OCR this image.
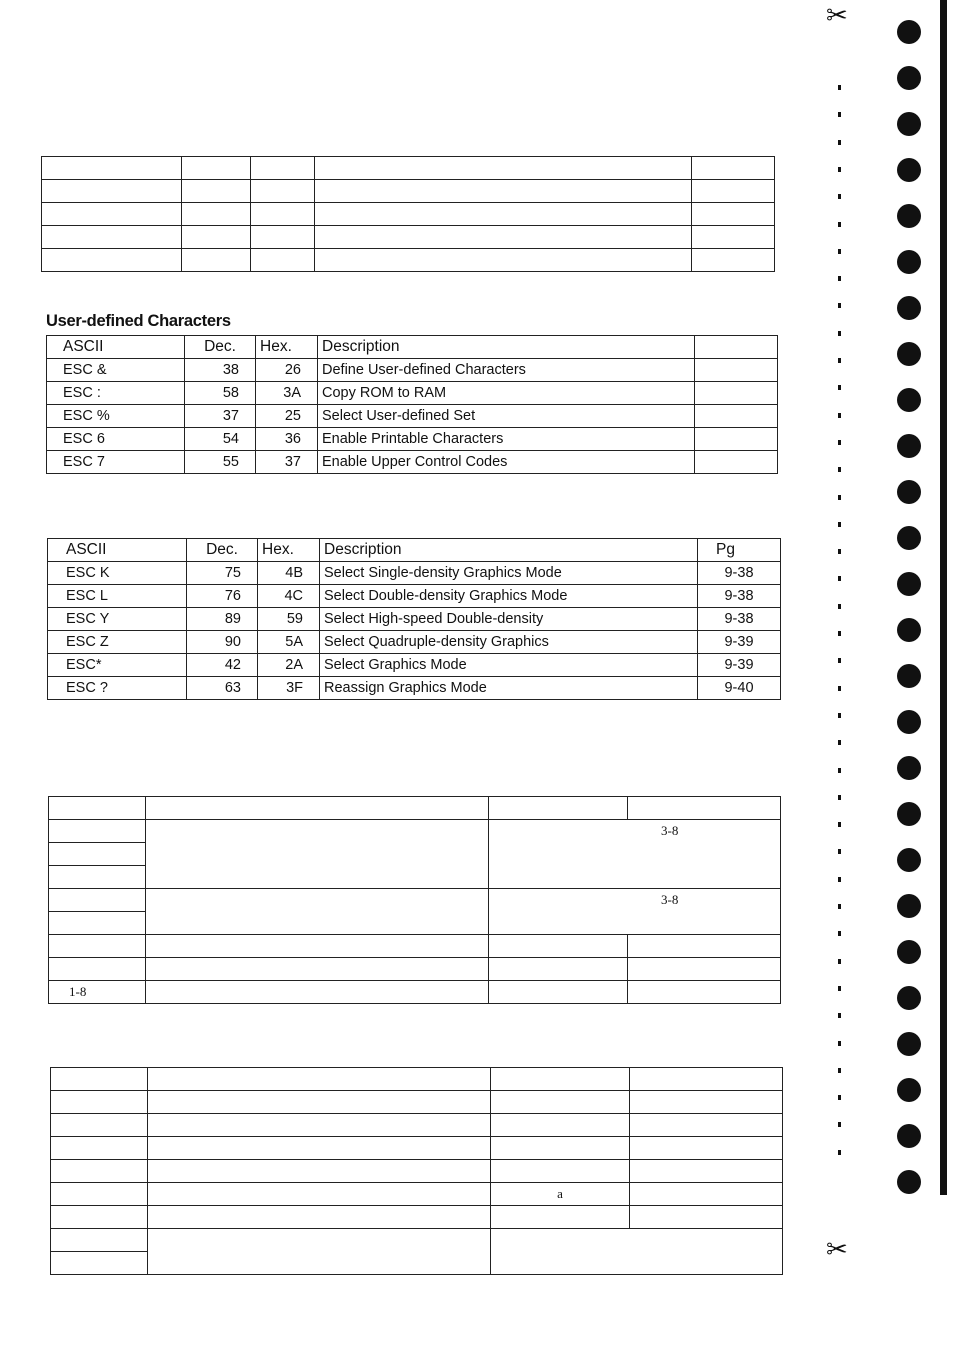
User-defined Characters
ASCII	Dec.	Hex.	Description	
ESC &	38	26	Define User-defined Characters	
ESC :	58	3A	Copy ROM to RAM	
ESC %	37	25	Select User-defined Set	
ESC 6	54	36	Enable Printable Characters	
ESC 7	55	37	Enable Upper Control Codes	
ASCII	Dec.	Hex.	Description	Pg
ESC K	75	4B	Select Single-density Graphics Mode	9-38
ESC L	76	4C	Select Double-density Graphics Mode	9-38
ESC Y	89	59	Select High-speed Double-density	9-38
ESC Z	90	5A	Select Quadruple-density Graphics	9-39
ESC*	42	2A	Select Graphics Mode	9-39
ESC ?	63	3F	Reassign Graphics Mode	9-40

		3-8	

		3-8	

1-8			

		a	

✂
✂
